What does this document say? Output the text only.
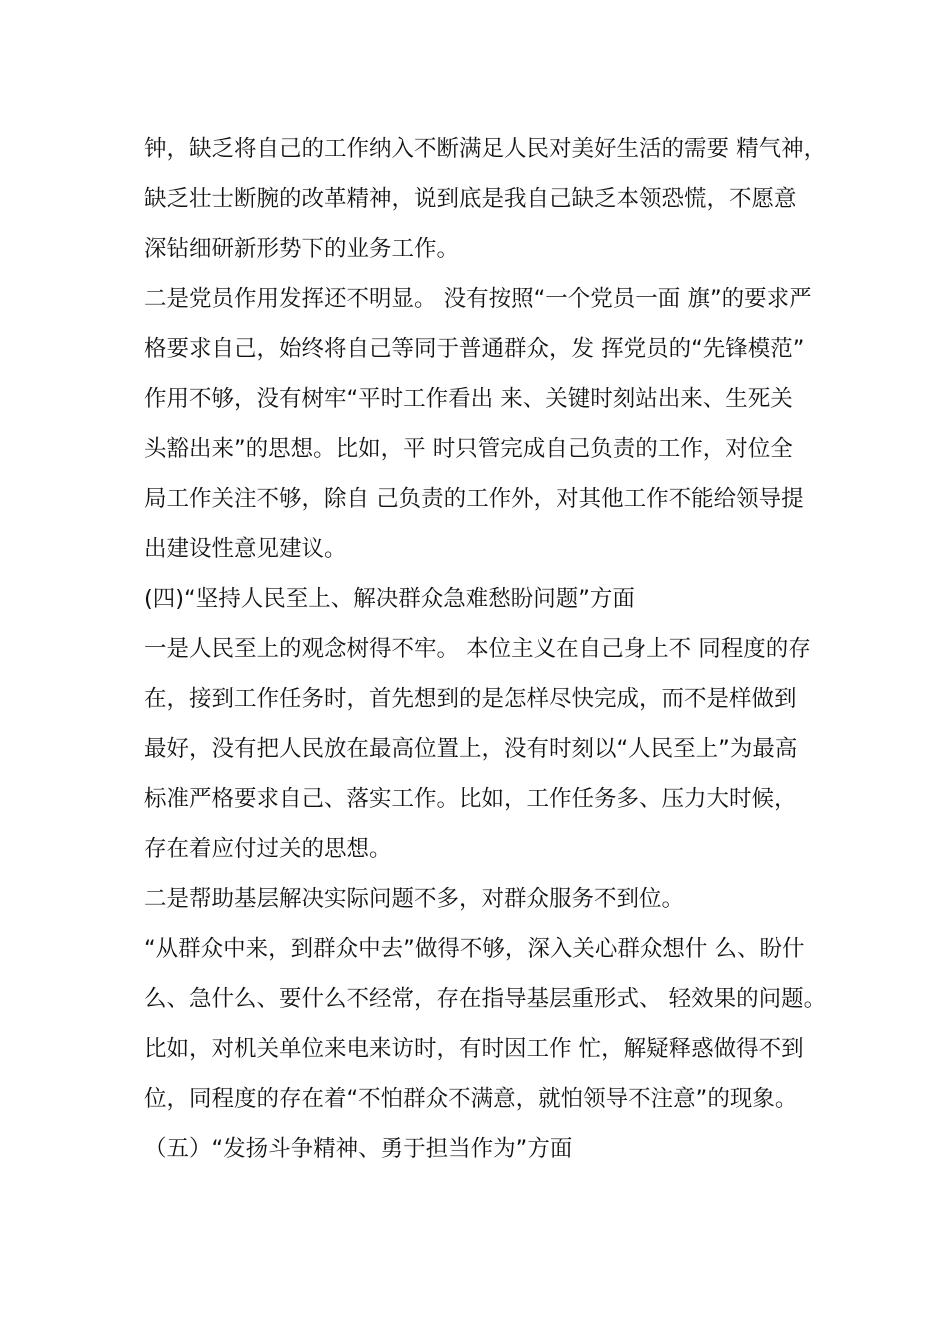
钟，缺乏将自己的工作纳入不断满足人民对美好生活的需要 精气神，
缺乏壮士断腕的改革精神，说到底是我自己缺乏本领恐慌，不愿意
深钻细研新形势下的业务工作。
二是党员作用发挥还不明显。 没有按照“一个党员一面 旗”的要求严
格要求自己，始终将自己等同于普通群众，发 挥党员的“先锋模范”
作用不够，没有树牢“平时工作看出 来、关键时刻站出来、生死关
头豁出来”的思想。比如，平 时只管完成自己负责的工作，对位全
局工作关注不够，除自 己负责的工作外，对其他工作不能给领导提
出建设性意见建议。
(四)“坚持人民至上、解决群众急难愁盼问题”方面
一是人民至上的观念树得不牢。 本位主义在自己身上不 同程度的存
在，接到工作任务时，首先想到的是怎样尽快完成，而不是样做到
最好，没有把人民放在最高位置上，没有时刻以“人民至上”为最高
标准严格要求自己、落实工作。比如，工作任务多、压力大时候，
存在着应付过关的思想。
二是帮助基层解决实际问题不多，对群众服务不到位。
“从群众中来，到群众中去”做得不够，深入关心群众想什 么、盼什
么、急什么、要什么不经常，存在指导基层重形式、 轻效果的问题。
比如，对机关单位来电来访时，有时因工作 忙，解疑释惑做得不到
位，同程度的存在着“不怕群众不满意，就怕领导不注意”的现象。
（五）“发扬斗争精神、勇于担当作为”方面
